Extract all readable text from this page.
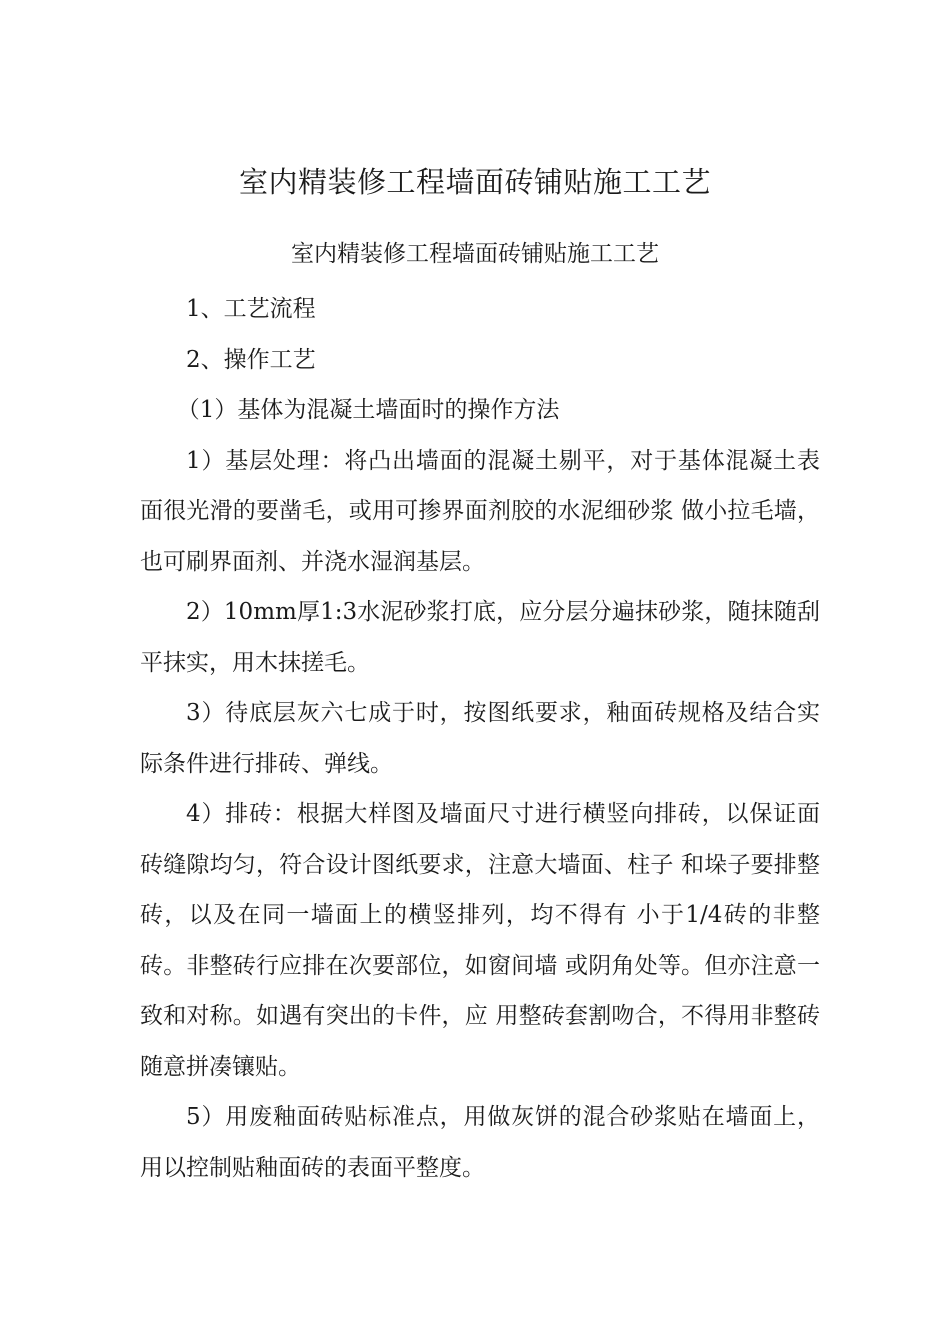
室内精装修工程墙面砖铺贴施工工艺
室内精装修工程墙面砖铺贴施工工艺

1、工艺流程

2、操作工艺

（1）基体为混凝土墙面时的操作方法

1）基层处理：将凸出墙面的混凝土剔平，对于基体混凝土表面很光滑的要凿毛，或用可掺界面剂胶的水泥细砂浆 做小拉毛墙，也可刷界面剂、并浇水湿润基层。

2）10mm厚1:3水泥砂浆打底，应分层分遍抹砂浆，随抹随刮平抹实，用木抹搓毛。

3）待底层灰六七成于时，按图纸要求，釉面砖规格及结合实际条件进行排砖、弹线。

4）排砖：根据大样图及墙面尺寸进行横竖向排砖，以保证面砖缝隙均匀，符合设计图纸要求，注意大墙面、柱子 和垛子要排整砖，以及在同一墙面上的横竖排列，均不得有 小于1/4砖的非整砖。非整砖行应排在次要部位，如窗间墙 或阴角处等。但亦注意一致和对称。如遇有突出的卡件，应 用整砖套割吻合，不得用非整砖随意拼凑镶贴。

5）用废釉面砖贴标准点，用做灰饼的混合砂浆贴在墙面上，用以控制贴釉面砖的表面平整度。
